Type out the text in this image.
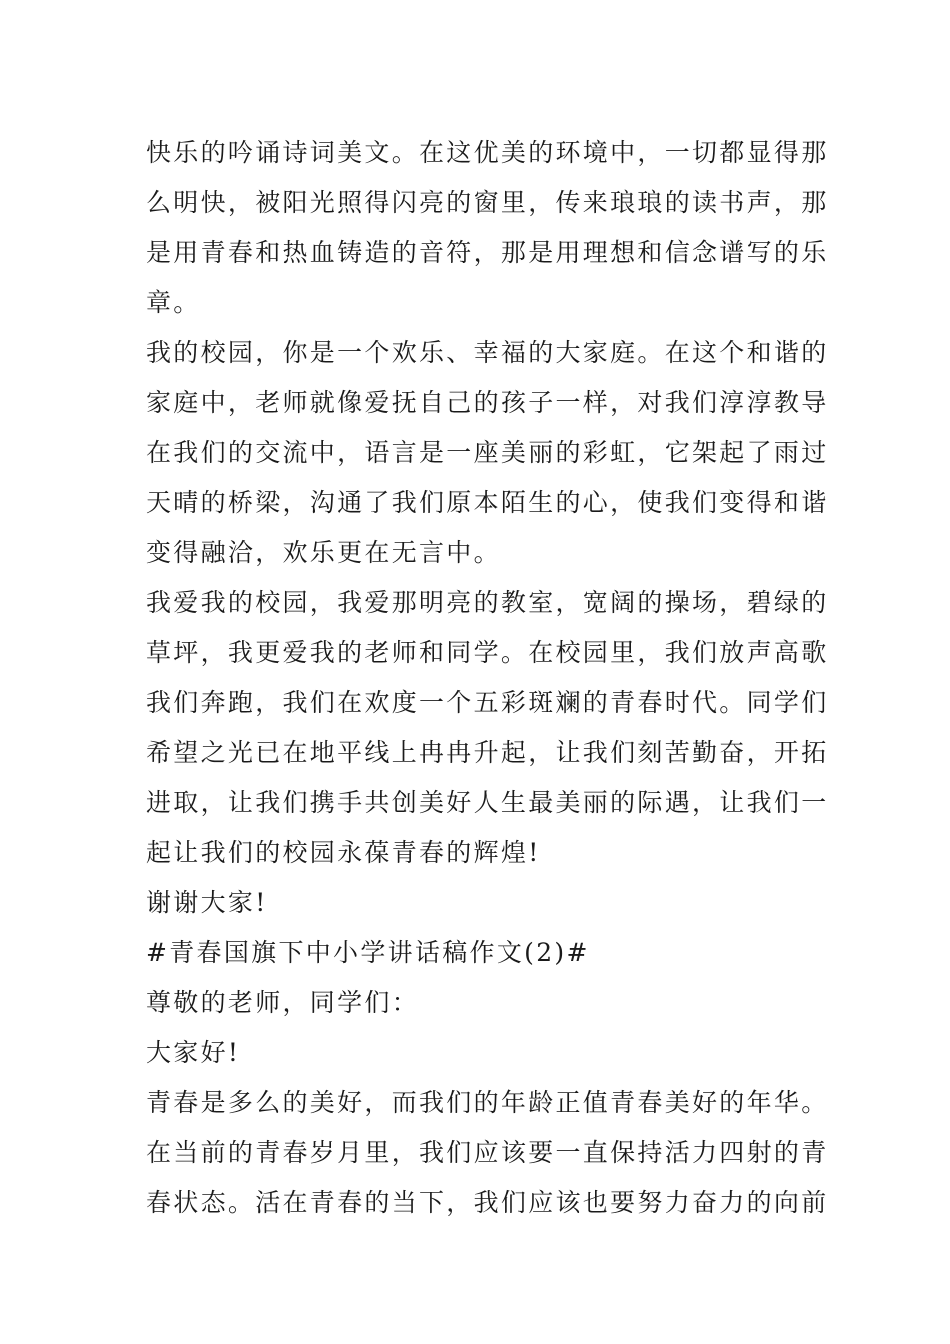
快乐的吟诵诗词美文。在这优美的环境中，一切都显得那
么明快，被阳光照得闪亮的窗里，传来琅琅的读书声，那
是用青春和热血铸造的音符，那是用理想和信念谱写的乐
章。
我的校园，你是一个欢乐、幸福的大家庭。在这个和谐的
家庭中，老师就像爱抚自己的孩子一样，对我们淳淳教导
在我们的交流中，语言是一座美丽的彩虹，它架起了雨过
天晴的桥梁，沟通了我们原本陌生的心，使我们变得和谐
变得融洽，欢乐更在无言中。
我爱我的校园，我爱那明亮的教室，宽阔的操场，碧绿的
草坪，我更爱我的老师和同学。在校园里，我们放声高歌
我们奔跑，我们在欢度一个五彩斑斓的青春时代。同学们
希望之光已在地平线上冉冉升起，让我们刻苦勤奋，开拓
进取，让我们携手共创美好人生最美丽的际遇，让我们一
起让我们的校园永葆青春的辉煌!
谢谢大家!
#青春国旗下中小学讲话稿作文(2)#
尊敬的老师，同学们：
大家好!
青春是多么的美好，而我们的年龄正值青春美好的年华。
在当前的青春岁月里，我们应该要一直保持活力四射的青
春状态。活在青春的当下，我们应该也要努力奋力的向前
